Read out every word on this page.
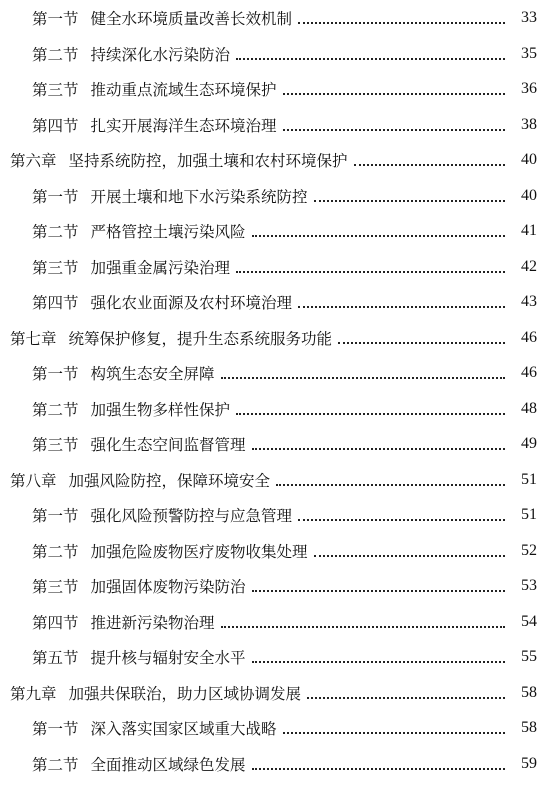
第一节 健全水环境质量改善长效机制	33
第二节 持续深化水污染防治	35
第三节 推动重点流域生态环境保护	36
第四节 扎实开展海洋生态环境治理	38
第六章 坚持系统防控，加强土壤和农村环境保护	40
第一节 开展土壤和地下水污染系统防控	40
第二节 严格管控土壤污染风险	41
第三节 加强重金属污染治理	42
第四节 强化农业面源及农村环境治理	43
第七章 统筹保护修复，提升生态系统服务功能	46
第一节 构筑生态安全屏障	46
第二节 加强生物多样性保护	48
第三节 强化生态空间监督管理	49
第八章 加强风险防控，保障环境安全	51
第一节 强化风险预警防控与应急管理	51
第二节 加强危险废物医疗废物收集处理	52
第三节 加强固体废物污染防治	53
第四节 推进新污染物治理	54
第五节 提升核与辐射安全水平	55
第九章 加强共保联治，助力区域协调发展	58
第一节 深入落实国家区域重大战略	58
第二节 全面推动区域绿色发展	59
